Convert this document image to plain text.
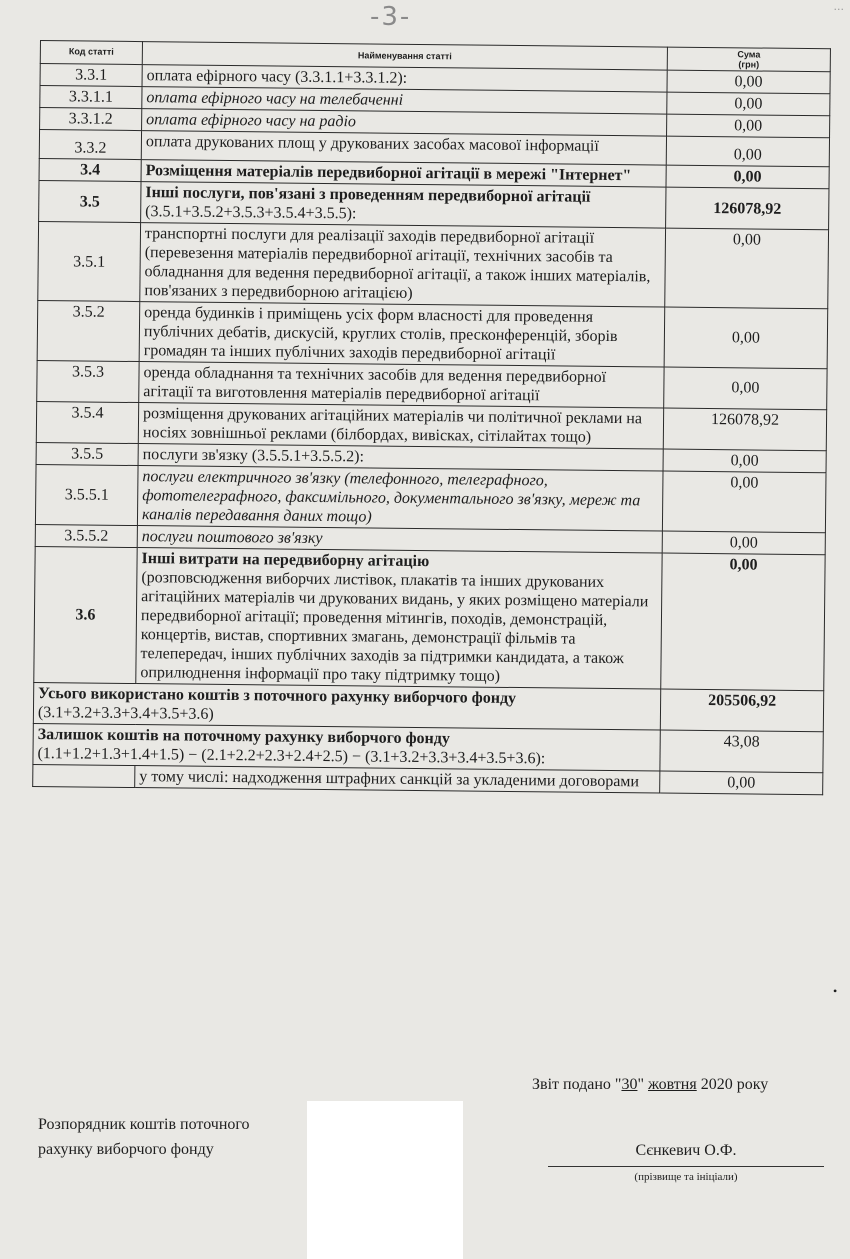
-3-	...
Код статті	Найменування статті	Сума
(грн)

3.3.1	оплата ефірного часу (3.3.1.1+3.3.1.2):	0,00
3.3.1.1	оплата ефірного часу на телебаченні	0,00
3.3.1.2	оплата ефірного часу на радіо	0,00
3.3.2	оплата друкованих площ у друкованих засобах масової інформації	0,00
3.4	Розміщення матеріалів передвиборної агітації в мережі "Інтернет"	0,00
3.5	Інші послуги, пов'язані з проведенням передвиборної агітації (3.5.1+3.5.2+3.5.3+3.5.4+3.5.5):	126078,92
3.5.1	транспортні послуги для реалізації заходів передвиборної агітації (перевезення матеріалів передвиборної агітації, технічних засобів та обладнання для ведення передвиборної агітації, а також інших матеріалів, пов'язаних з передвиборною агітацією)	0,00
3.5.2	оренда будинків і приміщень усіх форм власності для проведення публічних дебатів, дискусій, круглих столів, пресконференцій, зборів громадян та інших публічних заходів передвиборної агітації	0,00
3.5.3	оренда обладнання та технічних засобів для ведення передвиборної агітації та виготовлення матеріалів передвиборної агітації	0,00
3.5.4	розміщення друкованих агітаційних матеріалів чи політичної реклами на носіях зовнішньої реклами (білбордах, вивісках, сітілайтах тощо)	126078,92
3.5.5	послуги зв'язку (3.5.5.1+3.5.5.2):	0,00
3.5.5.1	послуги електричного зв'язку (телефонного, телеграфного, фототелеграфного, факсимільного, документального зв'язку, мереж та каналів передавання даних тощо)	0,00
3.5.5.2	послуги поштового зв'язку	0,00
3.6	Інші витрати на передвиборну агітацію
(розповсюдження виборчих листівок, плакатів та інших друкованих агітаційних матеріалів чи друкованих видань, у яких розміщено матеріали передвиборної агітації; проведення мітингів, походів, демонстрацій, концертів, вистав, спортивних змагань, демонстрації фільмів та телепередач, інших публічних заходів за підтримки кандидата, а також оприлюднення інформації про таку підтримку тощо)	0,00

Усього використано коштів з поточного рахунку виборчого фонду
(3.1+3.2+3.3+3.4+3.5+3.6)		205506,92

Залишок коштів на поточному рахунку виборчого фонду
(1.1+1.2+1.3+1.4+1.5) − (2.1+2.2+2.3+2.4+2.5) − (3.1+3.2+3.3+3.4+3.5+3.6):		43,08
	у тому числі: надходження штрафних санкцій за укладеними договорами	0,00
Звіт подано "30" жовтня 2020 року
Розпорядник коштів поточного рахунку виборчого фонду	Сєнкевич О.Ф.
(прізвище та ініціали)
•
